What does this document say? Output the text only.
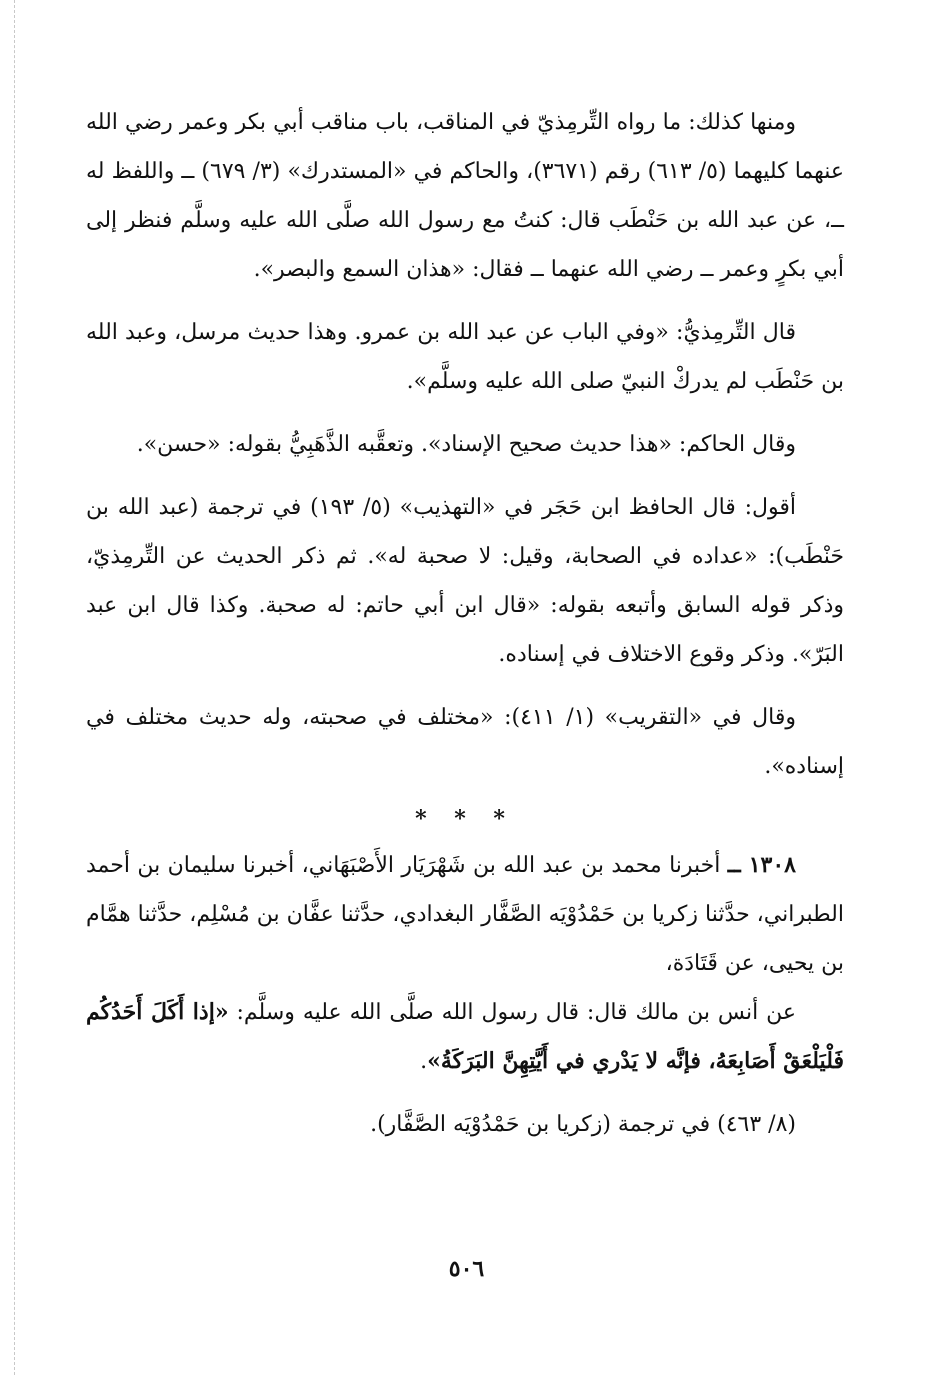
ومنها كذلك: ما رواه التِّرمِذيّ في المناقب، باب مناقب أبي بكر وعمر رضي الله عنهما كليهما (٥/ ٦١٣) رقم (٣٦٧١)، والحاكم في «المستدرك» (٣/ ٦٧٩) ــ واللفظ له ــ، عن عبد الله بن حَنْطَب قال: كنتُ مع رسول الله صلَّى الله عليه وسلَّم فنظر إلى أبي بكرٍ وعمر ــ رضي الله عنهما ــ فقال: «هذان السمع والبصر».

قال التِّرمِذيُّ: «وفي الباب عن عبد الله بن عمرو. وهذا حديث مرسل، وعبد الله بن حَنْطَب لم يدركْ النبيّ صلى الله عليه وسلَّم».

وقال الحاكم: «هذا حديث صحيح الإسناد». وتعقَّبه الذَّهَبِيُّ بقوله: «حسن».

أقول: قال الحافظ ابن حَجَر في «التهذيب» (٥/ ١٩٣) في ترجمة (عبد الله بن حَنْطَب): «عداده في الصحابة، وقيل: لا صحبة له». ثم ذكر الحديث عن التِّرمِذيّ، وذكر قوله السابق وأتبعه بقوله: «قال ابن أبي حاتم: له صحبة. وكذا قال ابن عبد البَرّ». وذكر وقوع الاختلاف في إسناده.

وقال في «التقريب» (١/ ٤١١): «مختلف في صحبته، وله حديث مختلف في إسناده».

* * *

١٣٠٨ ــ أخبرنا محمد بن عبد الله بن شَهْرَيَار الأَصْبَهَاني، أخبرنا سليمان بن أحمد الطبراني، حدَّثنا زكريا بن حَمْدُوْيَه الصَّفَّار البغدادي، حدَّثنا عفَّان بن مُسْلِم، حدَّثنا همَّام بن يحيى، عن قَتَادَة،

عن أنس بن مالك قال: قال رسول الله صلَّى الله عليه وسلَّم: «إذا أَكَلَ أَحَدُكُم فَلْيَلْعَقْ أَصَابِعَهُ، فإنَّه لا يَدْري في أَيَّتِهِنَّ البَرَكَةُ».

(٨/ ٤٦٣) في ترجمة (زكريا بن حَمْدُوْيَه الصَّفَّار).

٥٠٦
